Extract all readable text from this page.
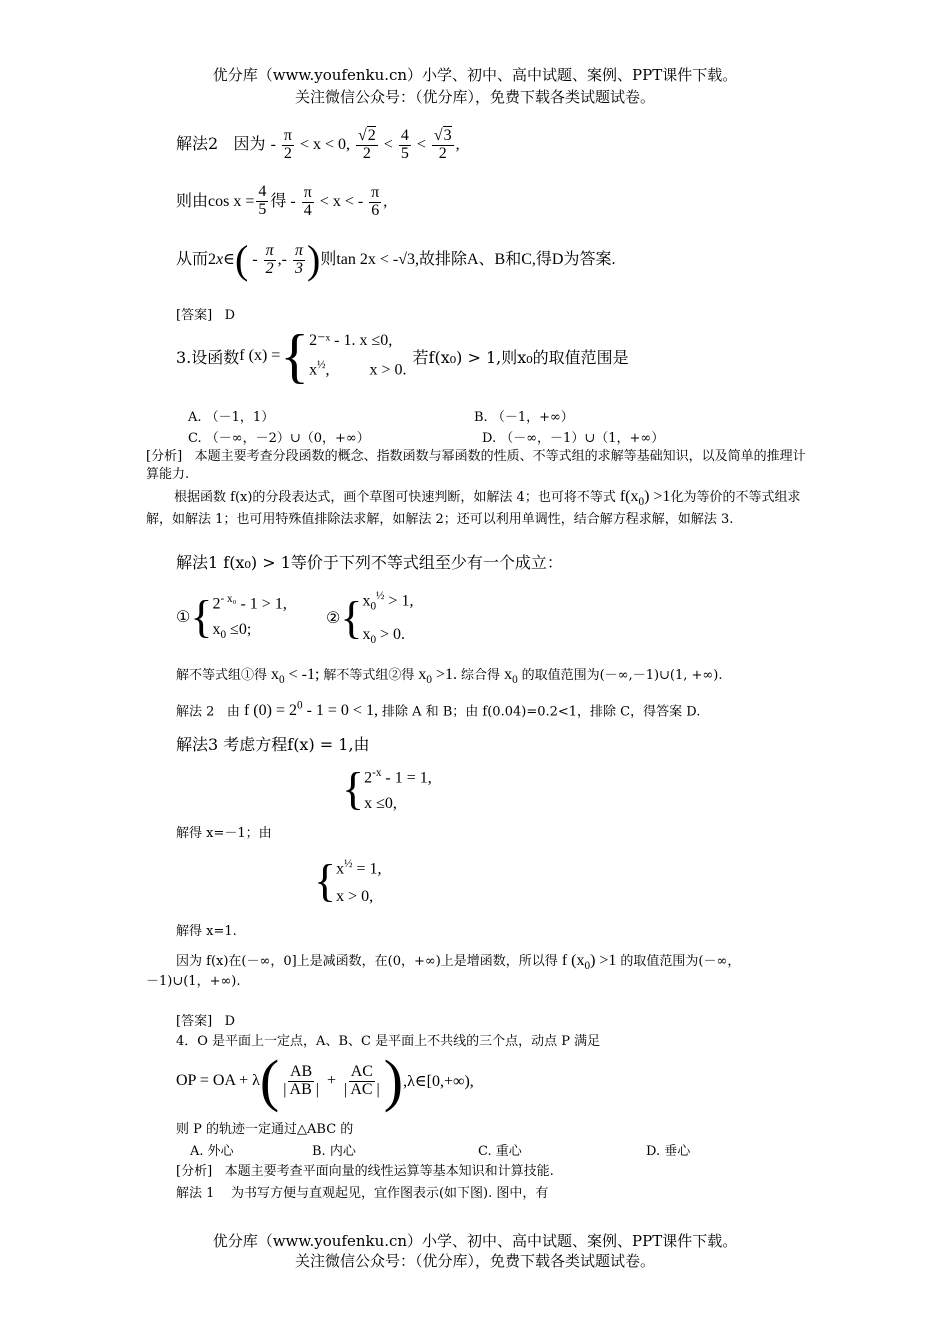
优分库（www.youfenku.cn）小学、初中、高中试题、案例、PPT课件下载。
关注微信公众号：（优分库），免费下载各类试题试卷。
解法2 因为 - $\frac{\pi}{2} < x < 0$, $\frac{√2}{2} < \frac{4}{5} < \frac{√3}{2}$ ,
则由$\cos x = \frac{4}{5}$ 得 - $\frac{\pi}{4} < x$ < - $\frac{\pi}{6}$ ,
从而2x∈( - $\frac{\pi}{2}$ ,- $\frac{\pi}{3}$ )则tan 2x < -√3,故排除A、B和C,得D为答案.
[答案] D
3.设函数 f (x) = { 2⁻ˣ - 1. x ≤0,
$x^{\frac{1}{2}}$,          x > 0.
若f(x₀) > 1,则x₀的取值范围是
A. （－1，1）	B. （－1，+∞）
C. （－∞，－2）∪（0，+∞）	D. （－∞，－1）∪（1，+∞）
[分析] 本题主要考查分段函数的概念、指数函数与幂函数的性质、不等式组的求解等基础知识，以及简单的推理计算能力.
根据函数 f(x)的分段表达式，画个草图可快速判断，如解法 4；也可将不等式 $f(x_0) >1$化为等价的不等式组求解，如解法 1；也可用特殊值排除法求解，如解法 2；还可以利用单调性，结合解方程求解，如解法 3.
解法1 f(x₀) > 1等价于下列不等式组至少有一个成立：
① { $2^{- x_0} - 1 > 1$,
$x_0 \le 0$;
② { $x_0^{\frac{1}{2}} > 1$,
$x_0 > 0$.
解不等式组①得 $x_0 < -1$; 解不等式组②得 $x_0 >1$. 综合得 $x_0$ 的取值范围为(－∞,－1)∪(1, +∞).
解法 2 由 f $(0) = 2^0 - 1 = 0 < 1$, 排除 A 和 B；由 f(0.04)=0.2<1，排除 C，得答案 D.
解法3 考虑方程f(x) = 1,由
{ $2^{-x} - 1 = 1$,
x ≤0,
解得 x=－1；由
{ $x^{\frac{1}{2}} = 1$,
x > 0,
解得 x=1.
因为 f(x)在(－∞，0]上是减函数，在(0，+∞)上是增函数，所以得 f $(x_0) >1$ 的取值范围为(－∞，
－1)∪(1，+∞).
[答案] D
4．O 是平面上一定点，A、B、C 是平面上不共线的三个点，动点 P 满足
OP = OA + λ ( $\frac{AB}{| AB |} + \frac{AC}{| AC |}$ ) ,λ∈[0,+∞),
则 P 的轨迹一定通过△ABC 的
A. 外心	B. 内心	C. 重心	D. 垂心
[分析] 本题主要考查平面向量的线性运算等基本知识和计算技能.
解法 1 为书写方便与直观起见，宜作图表示(如下图). 图中，有
优分库（www.youfenku.cn）小学、初中、高中试题、案例、PPT课件下载。
关注微信公众号：（优分库），免费下载各类试题试卷。
